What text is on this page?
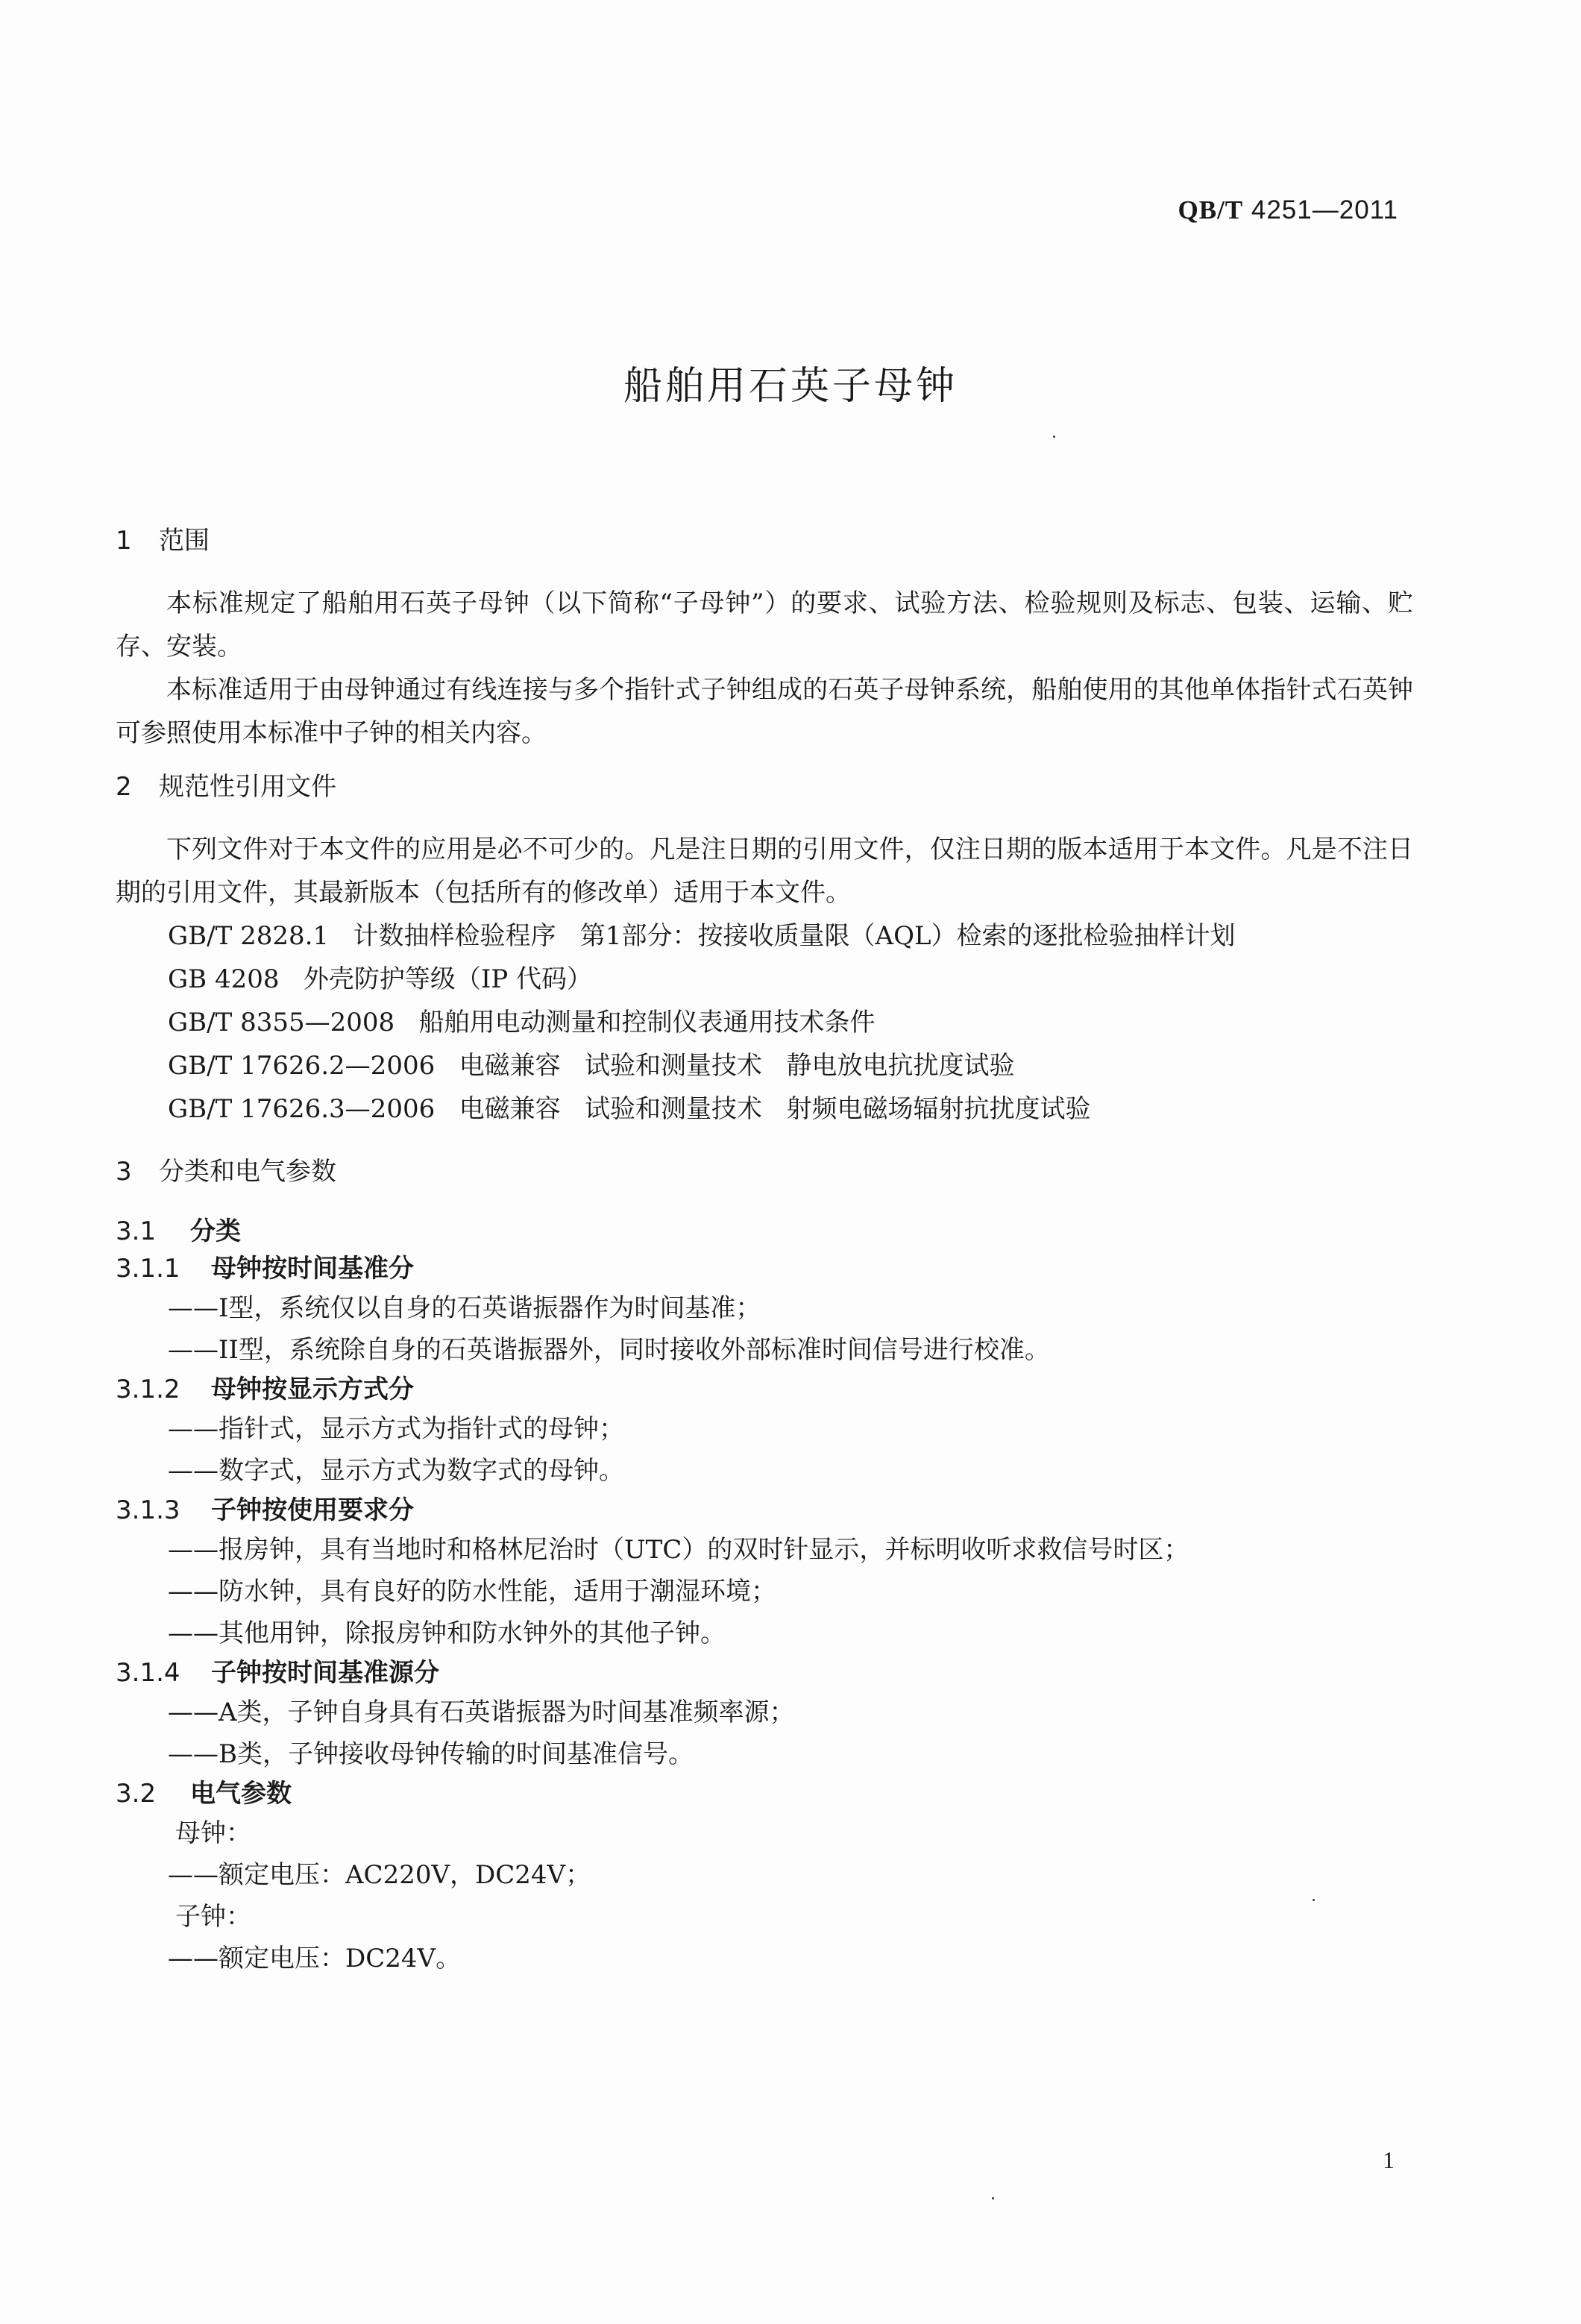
QB/T 4251—2011
船舶用石英子母钟
1	范围
本标准规定了船舶用石英子母钟（以下简称“子母钟”）的要求、试验方法、检验规则及标志、包装、运输、贮存、安装。
本标准适用于由母钟通过有线连接与多个指针式子钟组成的石英子母钟系统，船舶使用的其他单体指针式石英钟可参照使用本标准中子钟的相关内容。
2	规范性引用文件
下列文件对于本文件的应用是必不可少的。凡是注日期的引用文件，仅注日期的版本适用于本文件。凡是不注日期的引用文件，其最新版本（包括所有的修改单）适用于本文件。
GB/T 2828.1   计数抽样检验程序   第1部分：按接收质量限（AQL）检索的逐批检验抽样计划
GB 4208   外壳防护等级（IP 代码）
GB/T 8355—2008   船舶用电动测量和控制仪表通用技术条件
GB/T 17626.2—2006   电磁兼容   试验和测量技术   静电放电抗扰度试验
GB/T 17626.3—2006   电磁兼容   试验和测量技术   射频电磁场辐射抗扰度试验
3	分类和电气参数
3.1	分类
3.1.1	母钟按时间基准分
——I型，系统仅以自身的石英谐振器作为时间基准；
——II型，系统除自身的石英谐振器外，同时接收外部标准时间信号进行校准。
3.1.2	母钟按显示方式分
——指针式，显示方式为指针式的母钟；
——数字式，显示方式为数字式的母钟。
3.1.3	子钟按使用要求分
——报房钟，具有当地时和格林尼治时（UTC）的双时针显示，并标明收听求救信号时区；
——防水钟，具有良好的防水性能，适用于潮湿环境；
——其他用钟，除报房钟和防水钟外的其他子钟。
3.1.4	子钟按时间基准源分
——A类，子钟自身具有石英谐振器为时间基准频率源；
——B类，子钟接收母钟传输的时间基准信号。
3.2	电气参数
母钟：
——额定电压：AC220V，DC24V；
子钟：
——额定电压：DC24V。
1
